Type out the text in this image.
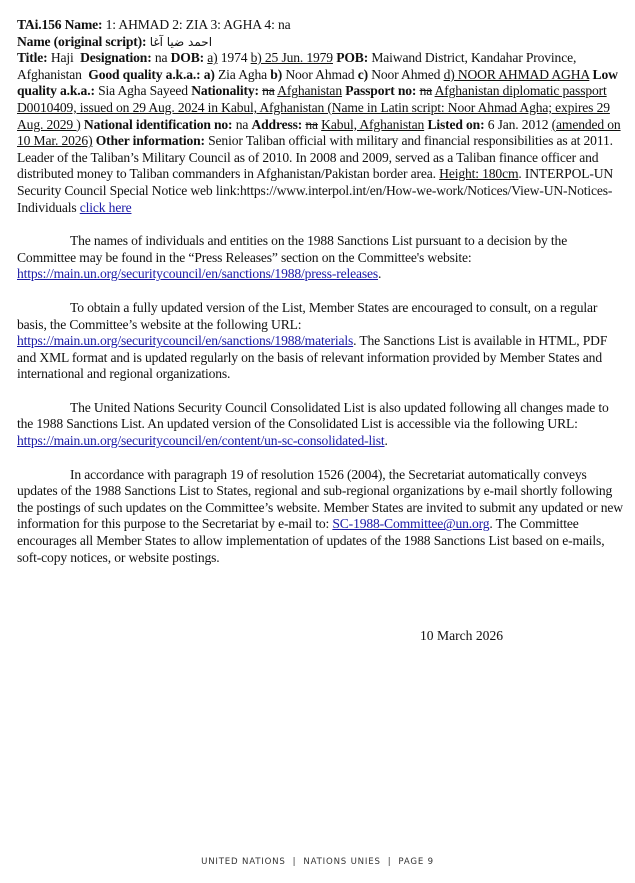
TAi.156 Name: 1: AHMAD 2: ZIA 3: AGHA 4: na

Name (original script): احمد ضیا آغا

Title: Haji Designation: na DOB: a) 1974 b) 25 Jun. 1979 POB: Maiwand District, Kandahar Province, Afghanistan Good quality a.k.a.: a) Zia Agha b) Noor Ahmad c) Noor Ahmed d) NOOR AHMAD AGHA Low quality a.k.a.: Sia Agha Sayeed Nationality: na Afghanistan Passport no: na Afghanistan diplomatic passport D0010409, issued on 29 Aug. 2024 in Kabul, Afghanistan (Name in Latin script: Noor Ahmad Agha; expires 29 Aug. 2029 ) National identification no: na Address: na Kabul, Afghanistan Listed on: 6 Jan. 2012 (amended on 10 Mar. 2026) Other information: Senior Taliban official with military and financial responsibilities as at 2011. Leader of the Taliban’s Military Council as of 2010. In 2008 and 2009, served as a Taliban finance officer and distributed money to Taliban commanders in Afghanistan/Pakistan border area. Height: 180cm. INTERPOL-UN Security Council Special Notice web link:https://www.interpol.int/en/How-we-work/Notices/View-UN-Notices-Individuals click here

The names of individuals and entities on the 1988 Sanctions List pursuant to a decision by the Committee may be found in the “Press Releases” section on the Committee's website: https://main.un.org/securitycouncil/en/sanctions/1988/press-releases.

To obtain a fully updated version of the List, Member States are encouraged to consult, on a regular basis, the Committee’s website at the following URL: https://main.un.org/securitycouncil/en/sanctions/1988/materials. The Sanctions List is available in HTML, PDF and XML format and is updated regularly on the basis of relevant information provided by Member States and international and regional organizations.

The United Nations Security Council Consolidated List is also updated following all changes made to the 1988 Sanctions List. An updated version of the Consolidated List is accessible via the following URL: https://main.un.org/securitycouncil/en/content/un-sc-consolidated-list.

In accordance with paragraph 19 of resolution 1526 (2004), the Secretariat automatically conveys updates of the 1988 Sanctions List to States, regional and sub-regional organizations by e-mail shortly following the postings of such updates on the Committee’s website. Member States are invited to submit any updated or new information for this purpose to the Secretariat by e-mail to: SC-1988-Committee@un.org. The Committee encourages all Member States to allow implementation of updates of the 1988 Sanctions List based on e-mails, soft-copy notices, or website postings.

10 March 2026
UNITED NATIONS | NATIONS UNIES | PAGE 9
